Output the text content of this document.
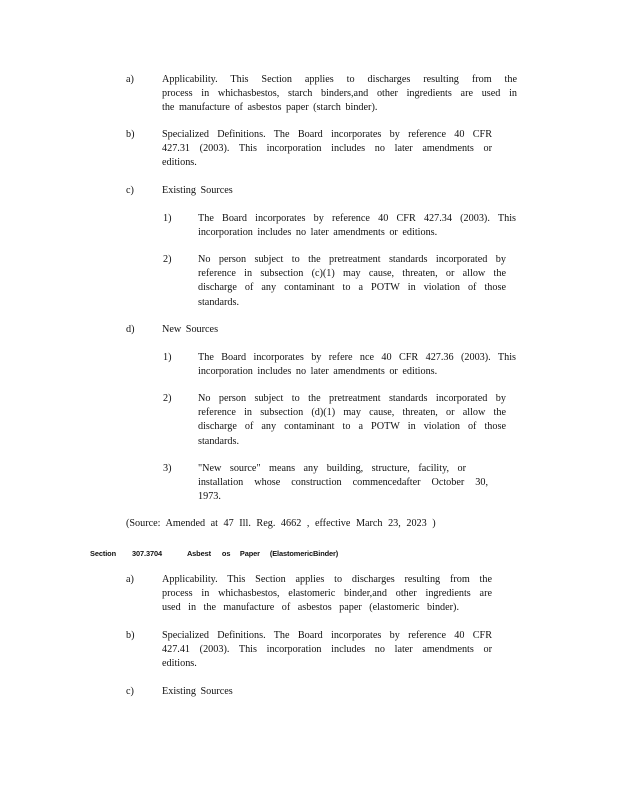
a)	Applicability. This Section applies to discharges resulting from the
process in whichasbestos, starch binders,and other ingredients are used in
the manufacture of asbestos paper (starch binder).
b)	Specialized Definitions. The Board incorporates by reference 40 CFR
427.31 (2003). This incorporation includes no later amendments or
editions.
c)	Existing Sources
1)	The Board incorporates by reference 40 CFR 427.34 (2003). This
incorporation includes no later amendments or editions.
2)	No person subject to the pretreatment standards incorporated by
reference in subsection (c)(1) may cause, threaten, or allow the
discharge of any contaminant to a POTW in violation of those
standards.
d)	New Sources
1)	The Board incorporates by refere nce 40 CFR 427.36 (2003). This
incorporation includes no later amendments or editions.
2)	No person subject to the pretreatment standards incorporated by
reference in subsection (d)(1) may cause, threaten, or allow the
discharge of any contaminant to a POTW in violation of those
standards.
3)	"New source" means any building, structure, facility, or
installation whose construction commencedafter October 30,
1973.
(Source: Amended at 47 Ill. Reg. 4662 , effective March 23, 2023 )
Section 307.3704	Asbest os Paper (ElastomericBinder)
a)	Applicability. This Section applies to discharges resulting from the
process in whichasbestos, elastomeric binder,and other ingredients are
used in the manufacture of asbestos paper (elastomeric binder).
b)	Specialized Definitions. The Board incorporates by reference 40 CFR
427.41 (2003). This incorporation includes no later amendments or
editions.
c)	Existing Sources
